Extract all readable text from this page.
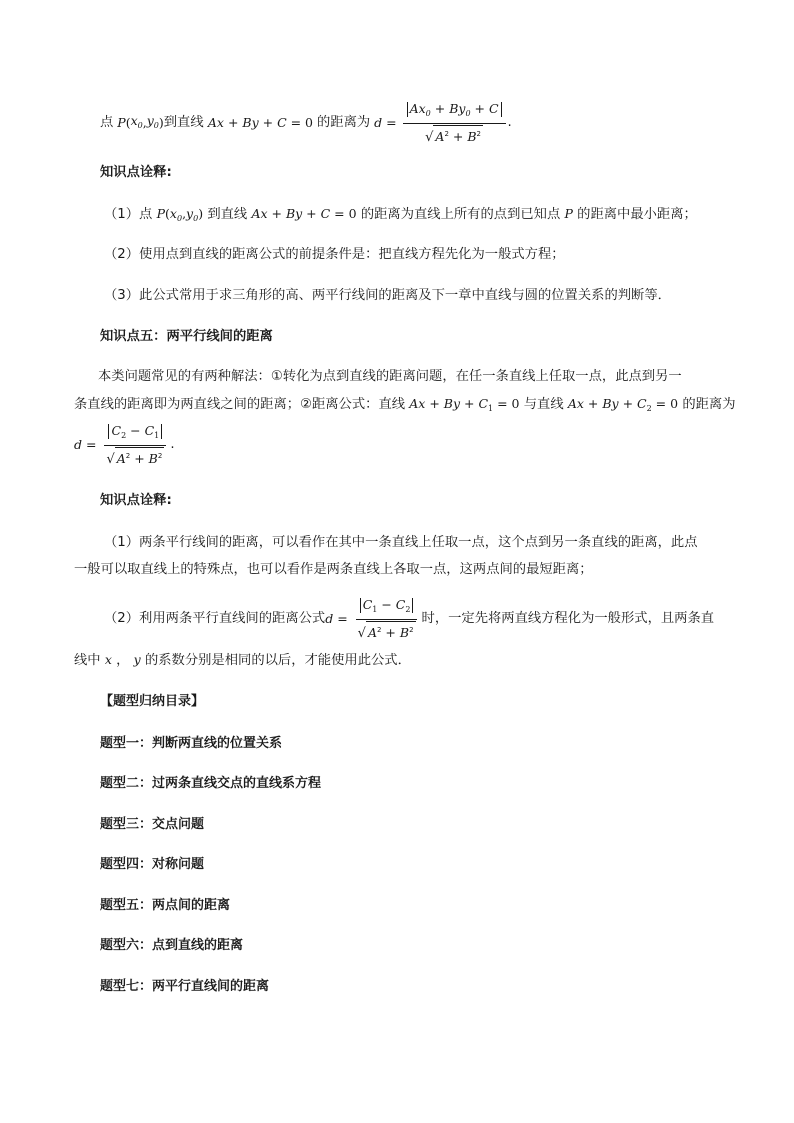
点 P ( $x_0$ , $y_0$ ) 到直线 Ax + By + C = 0 的距离为 $d = \frac{Ax_0 + By_0 + C}{√ A^2 + B^2}$ .
知识点诠释:
（1）点 $P(x_0,y_0)$ 到直线 Ax + By + C = 0 的距离为直线上所有的点到已知点 P 的距离中最小距离；
（2）使用点到直线的距离公式的前提条件是：把直线方程先化为一般式方程；
（3）此公式常用于求三角形的高、两平行线间的距离及下一章中直线与圆的位置关系的判断等．
知识点五：两平行线间的距离
本类问题常见的有两种解法：①转化为点到直线的距离问题，在任一条直线上任取一点，此点到另一
条直线的距离即为两直线之间的距离；②距离公式：直线 $Ax + By + C_1 = 0$ 与直线 $Ax + By + C_2 = 0$ 的距离为
$d = \frac{C_2 - C_1}{√ A^2 + B^2}$ .
知识点诠释:
（1）两条平行线间的距离，可以看作在其中一条直线上任取一点，这个点到另一条直线的距离，此点
一般可以取直线上的特殊点，也可以看作是两条直线上各取一点，这两点间的最短距离；
（2）利用两条平行直线间的距离公式 $d = \frac{C_1 - C_2}{√ A^2 + B^2}$ 时，一定先将两直线方程化为一般形式，且两条直
线中 x ， y 的系数分别是相同的以后，才能使用此公式．
【题型归纳目录】
题型一：判断两直线的位置关系
题型二：过两条直线交点的直线系方程
题型三：交点问题
题型四：对称问题
题型五：两点间的距离
题型六：点到直线的距离
题型七：两平行直线间的距离
